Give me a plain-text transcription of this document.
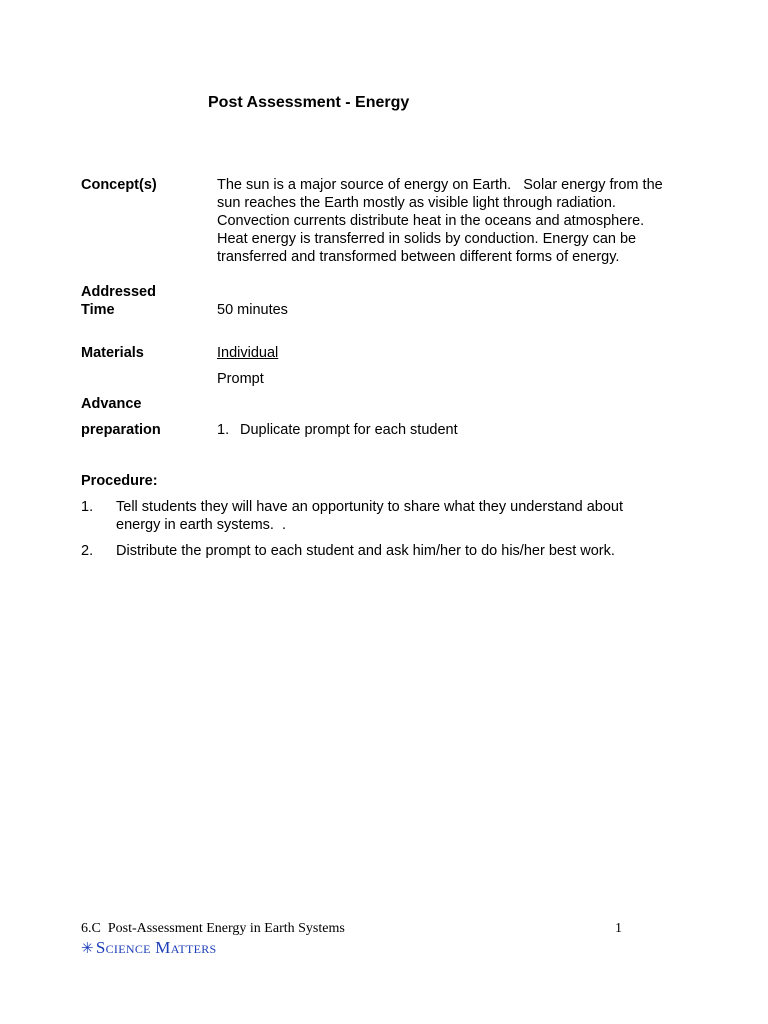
Post Assessment - Energy
Concept(s)	The sun is a major source of energy on Earth.   Solar energy from the
sun reaches the Earth mostly as visible light through radiation.
Convection currents distribute heat in the oceans and atmosphere.
Heat energy is transferred in solids by conduction. Energy can be
transferred and transformed between different forms of energy.
Addressed
Time	50 minutes
Materials	Individual
Prompt
Advance
preparation	1. Duplicate prompt for each student
Procedure:
1.	Tell students they will have an opportunity to share what they understand about
energy in earth systems.  .
2.	Distribute the prompt to each student and ask him/her to do his/her best work.
6.C  Post-Assessment Energy in Earth Systems	1
✳ Science Matters
